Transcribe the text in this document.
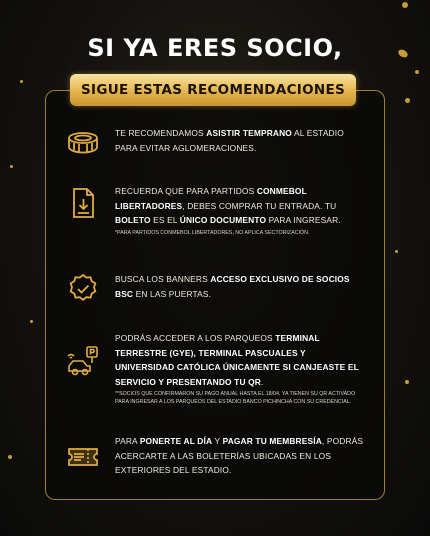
SI YA ERES SOCIO,
SIGUE ESTAS RECOMENDACIONES
TE RECOMENDAMOS ASISTIR TEMPRANO AL ESTADIO PARA EVITAR AGLOMERACIONES.
RECUERDA QUE PARA PARTIDOS CONMEBOL LIBERTADORES, DEBES COMPRAR TU ENTRADA. TU BOLETO ES EL ÚNICO DOCUMENTO PARA INGRESAR.
*PARA PARTIDOS CONMEBOL LIBERTADORES, NO APLICA SECTORIZACIÓN.
BUSCA LOS BANNERS ACCESO EXCLUSIVO DE SOCIOS BSC EN LAS PUERTAS.
PODRÁS ACCEDER A LOS PARQUEOS TERMINAL TERRESTRE (GYE), TERMINAL PASCUALES Y UNIVERSIDAD CATÓLICA ÚNICAMENTE SI CANJEASTE EL SERVICIO Y PRESENTANDO TU QR.
**SOCIOS QUE CONFIRMARON SU PAGO ANUAL HASTA EL 18/04, YA TIENEN SU QR ACTIVADO PARA INGRESAR A LOS PARQUEOS DEL ESTADIO BANCO PICHINCHA CON SU CREDENCIAL.
PARA PONERTE AL DÍA Y PAGAR TU MEMBRESÍA, PODRÁS ACERCARTE A LAS BOLETERÍAS UBICADAS EN LOS EXTERIORES DEL ESTADIO.
